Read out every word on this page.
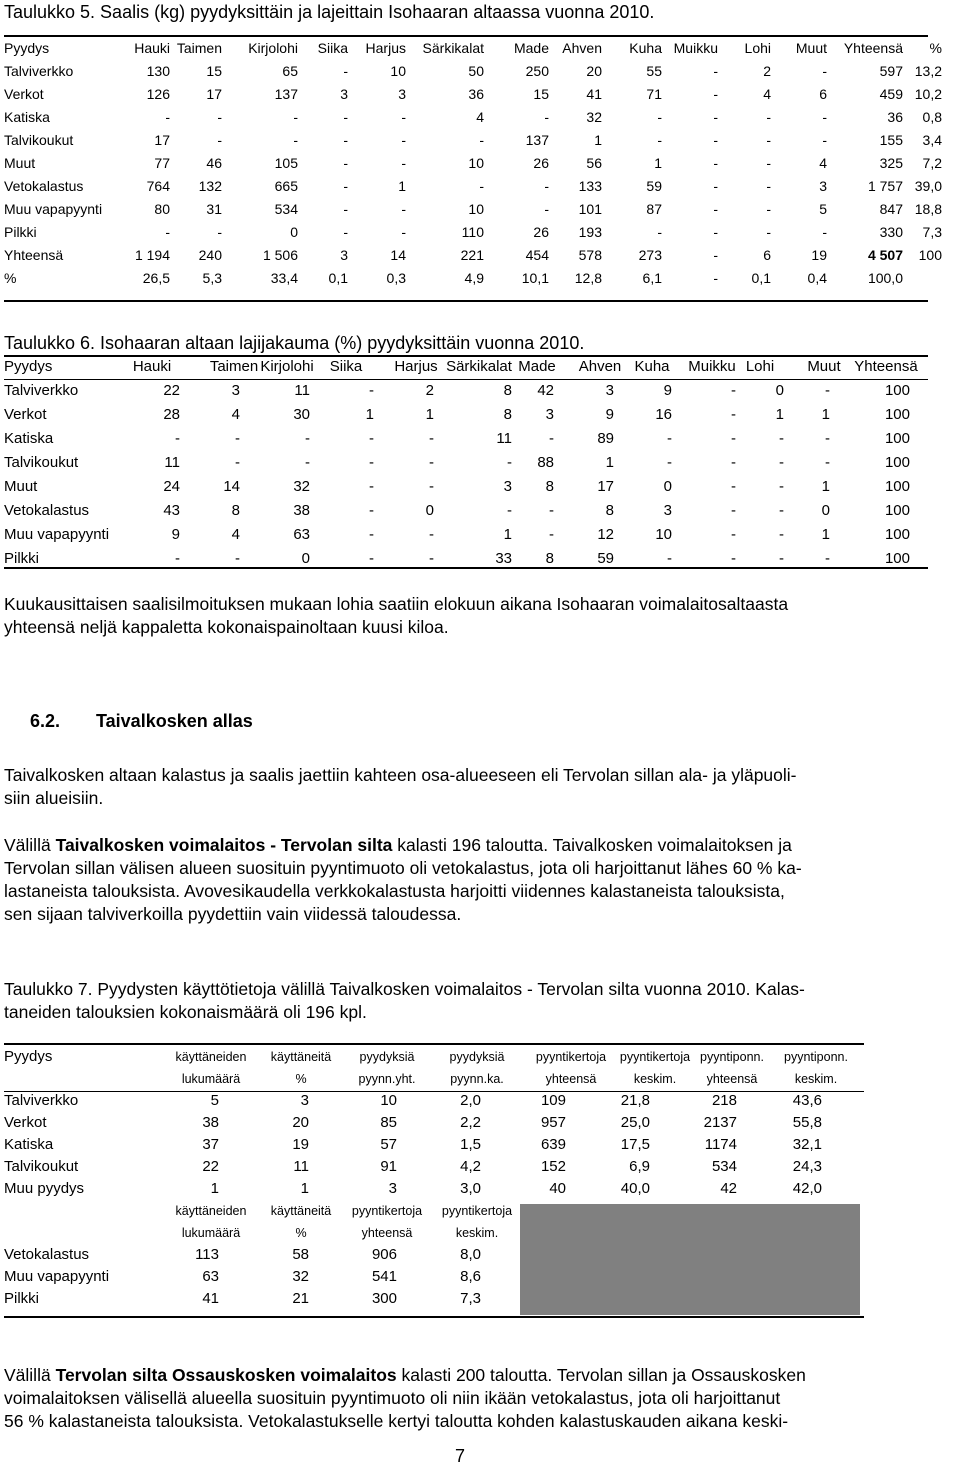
Taulukko 5. Saalis (kg) pyydyksittäin ja lajeittain Isohaaran altaassa vuonna 2010.
Pyydys	Hauki Taimen	Kirjolohi	Siika	Harjus	Särkikalat	Made Ahven	Kuha Muikku	Lohi	Muut	Yhteensä	%
Talviverkko	130	15	65	-	10	50	250	20	55	-	2	-	597 13,2
Verkot	126	17	137	3	3	36	15	41	71	-	4	6	459 10,2
Katiska	-	-	-	-	-	4	-	32	-	-	-	-	36	0,8
Talvikoukut	17	-	-	-	-	-	137	1	-	-	-	-	155	3,4
Muut	77	46	105	-	-	10	26	56	1	-	-	4	325	7,2
Vetokalastus	764	132	665	-	1	-	-	133	59	-	-	3	1 757 39,0
Muu vapapyynti	80	31	534	-	-	10	-	101	87	-	-	5	847 18,8
Pilkki	-	-	0	-	-	110	26	193	-	-	-	-	330	7,3
Yhteensä	1 194	240	1 506	3	14	221	454	578	273	-	6	19	4 507	100
%	26,5	5,3	33,4	0,1	0,3	4,9	10,1	12,8	6,1	-	0,1	0,4	100,0
Taulukko 6. Isohaaran altaan lajijakauma (%) pyydyksittäin vuonna 2010.
Pyydys	Hauki	Taimen Kirjolohi	Siika	Harjus Särkikalat Made	Ahven Kuha	Muikku Lohi	Muut Yhteensä
Talviverkko	22	3	11	-	2	8	42	3	9	-	0	-	100
Verkot	28	4	30	1	1	8	3	9	16	-	1	1	100
Katiska	-	-	-	-	-	11	-	89	-	-	-	-	100
Talvikoukut	11	-	-	-	-	-	88	1	-	-	-	-	100
Muut	24	14	32	-	-	3	8	17	0	-	-	1	100
Vetokalastus	43	8	38	-	0	-	-	8	3	-	-	0	100
Muu vapapyynti	9	4	63	-	-	1	-	12	10	-	-	1	100
Pilkki	-	-	0	-	-	33	8	59	-	-	-	-	100

Kuukausittaisen saalisilmoituksen mukaan lohia saatiin elokuun aikana Isohaaran voimalaitosaltaasta
yhteensä neljä kappaletta kokonaispainoltaan kuusi kiloa.

6.2. Taivalkosken allas

Taivalkosken altaan kalastus ja saalis jaettiin kahteen osa-alueeseen eli Tervolan sillan ala- ja yläpuoli-
siin alueisiin.

Välillä Taivalkosken voimalaitos - Tervolan silta kalasti 196 taloutta. Taivalkosken voimalaitoksen ja
Tervolan sillan välisen alueen suosituin pyyntimuoto oli vetokalastus, jota oli harjoittanut lähes 60 % ka-
lastaneista talouksista. Avovesikaudella verkkokalastusta harjoitti viidennes kalastaneista talouksista,
sen sijaan talviverkoilla pyydettiin vain viidessä taloudessa.

Taulukko 7. Pyydysten käyttötietoja välillä Taivalkosken voimalaitos - Tervolan silta vuonna 2010. Kalas-
taneiden talouksien kokonaismäärä oli 196 kpl.
Pyydys	käyttäneiden	käyttäneitä	pyydyksiä	pyydyksiä	pyyntikertoja	pyyntikertoja pyyntiponn.	pyyntiponn.
lukumäärä	%	pyynn.yht.	pyynn.ka.	yhteensä	keskim.	yhteensä	keskim.
Talviverkko	5	3	10	2,0	109	21,8	218	43,6
Verkot	38	20	85	2,2	957	25,0	2137	55,8
Katiska	37	19	57	1,5	639	17,5	1174	32,1
Talvikoukut	22	11	91	4,2	152	6,9	534	24,3
Muu pyydys	1	1	3	3,0	40	40,0	42	42,0
käyttäneiden	käyttäneitä	pyyntikertoja	pyyntikertoja
lukumäärä	%	yhteensä	keskim.
Vetokalastus	113	58	906	8,0
Muu vapapyynti	63	32	541	8,6
Pilkki	41	21	300	7,3

Välillä Tervolan silta Ossauskosken voimalaitos kalasti 200 taloutta. Tervolan sillan ja Ossauskosken
voimalaitoksen välisellä alueella suosituin pyyntimuoto oli niin ikään vetokalastus, jota oli harjoittanut
56 % kalastaneista talouksista. Vetokalastukselle kertyi taloutta kohden kalastuskauden aikana keski-

7
